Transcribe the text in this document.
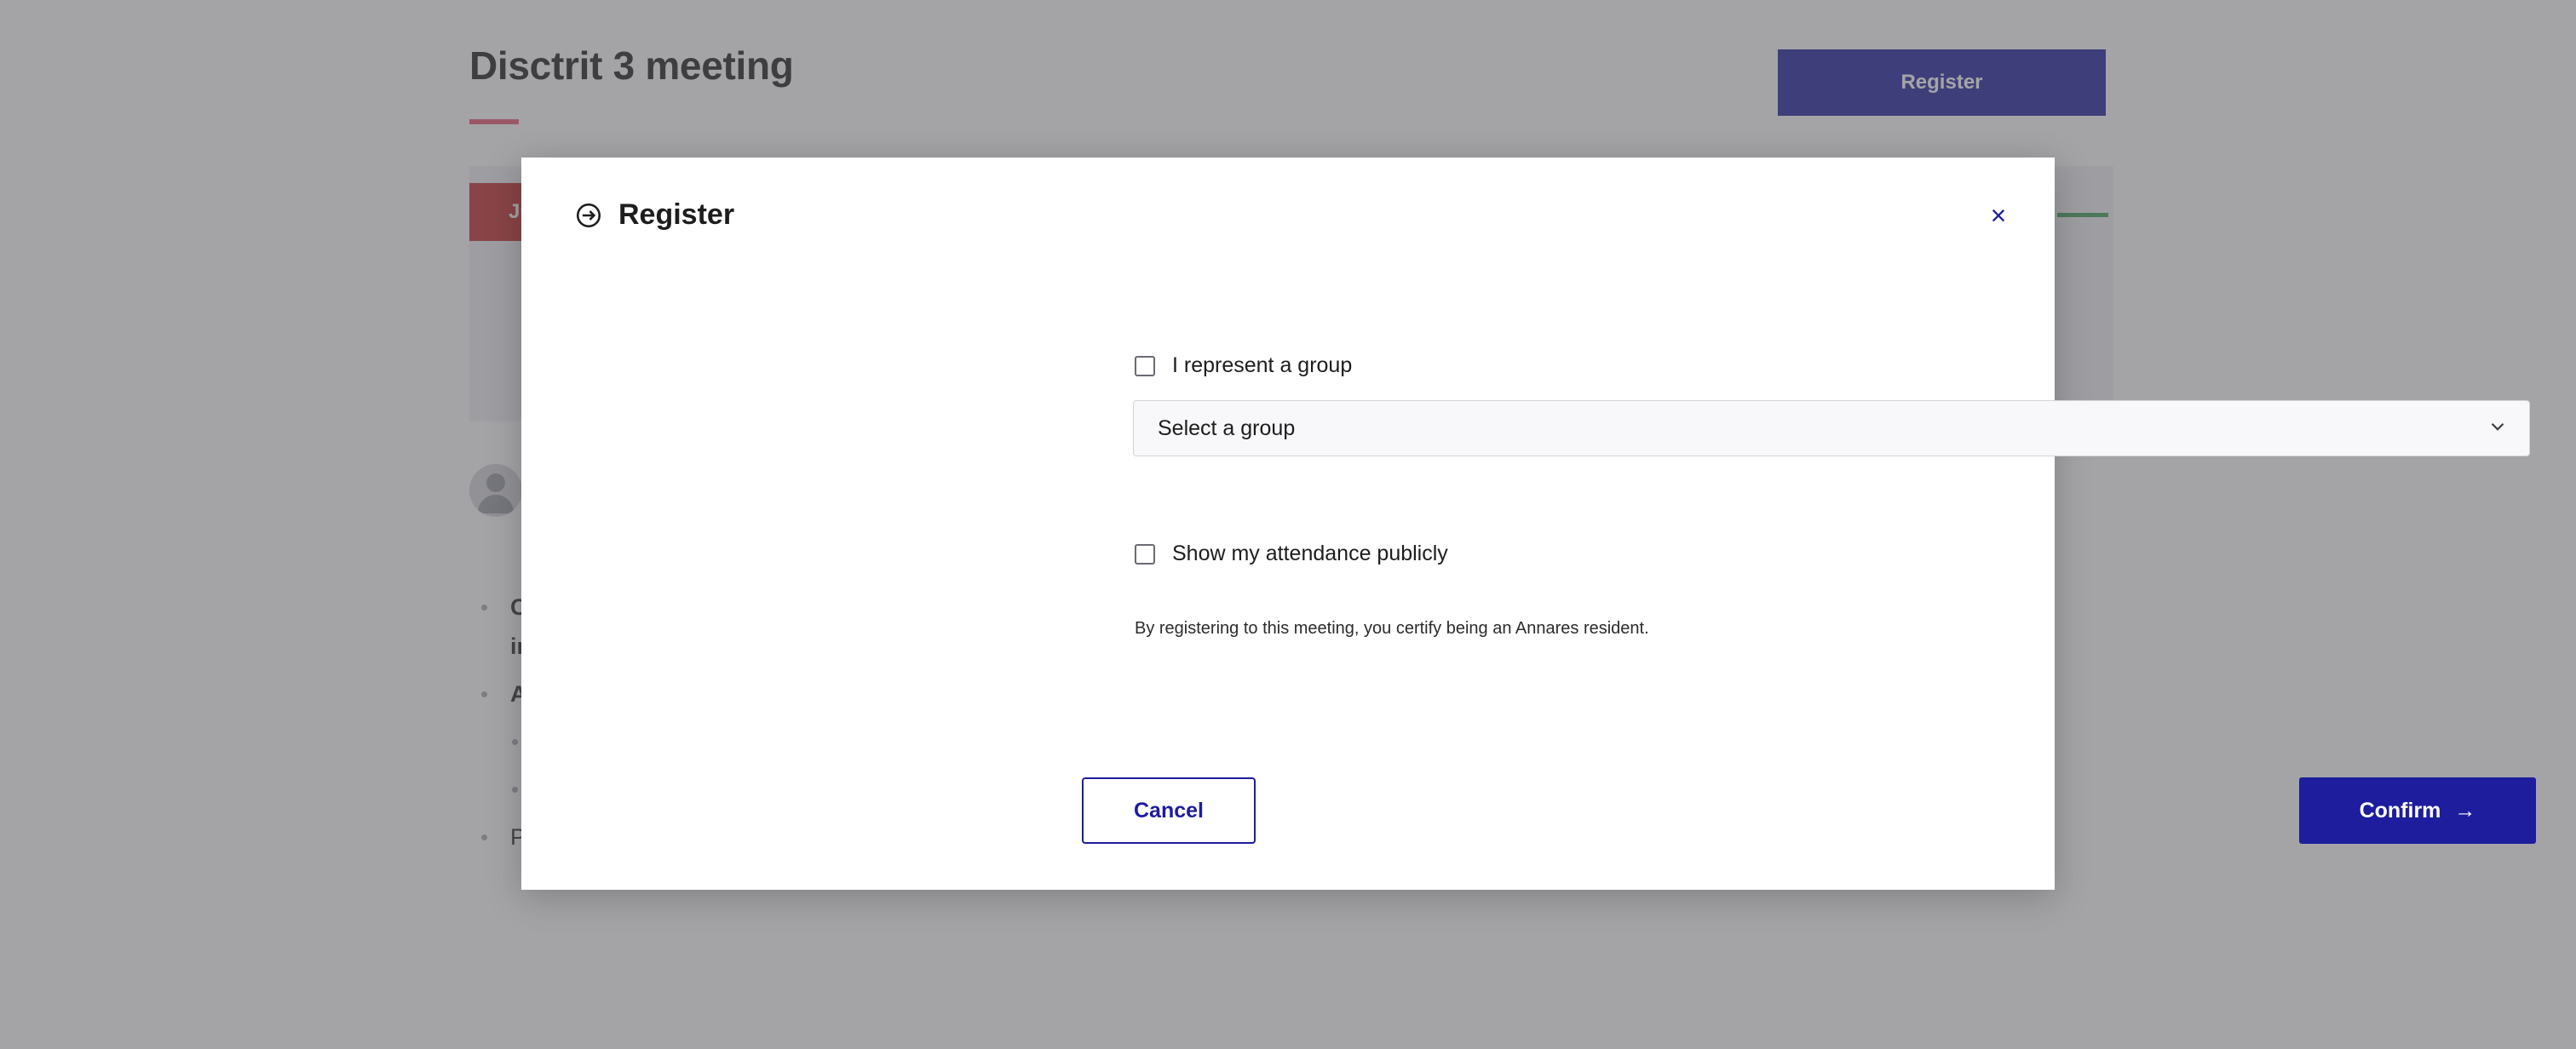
Register	×
I represent a group
Select a group
Show my attendance publicly
By registering to this meeting, you certify being an Annares resident.
Cancel	Confirm →
